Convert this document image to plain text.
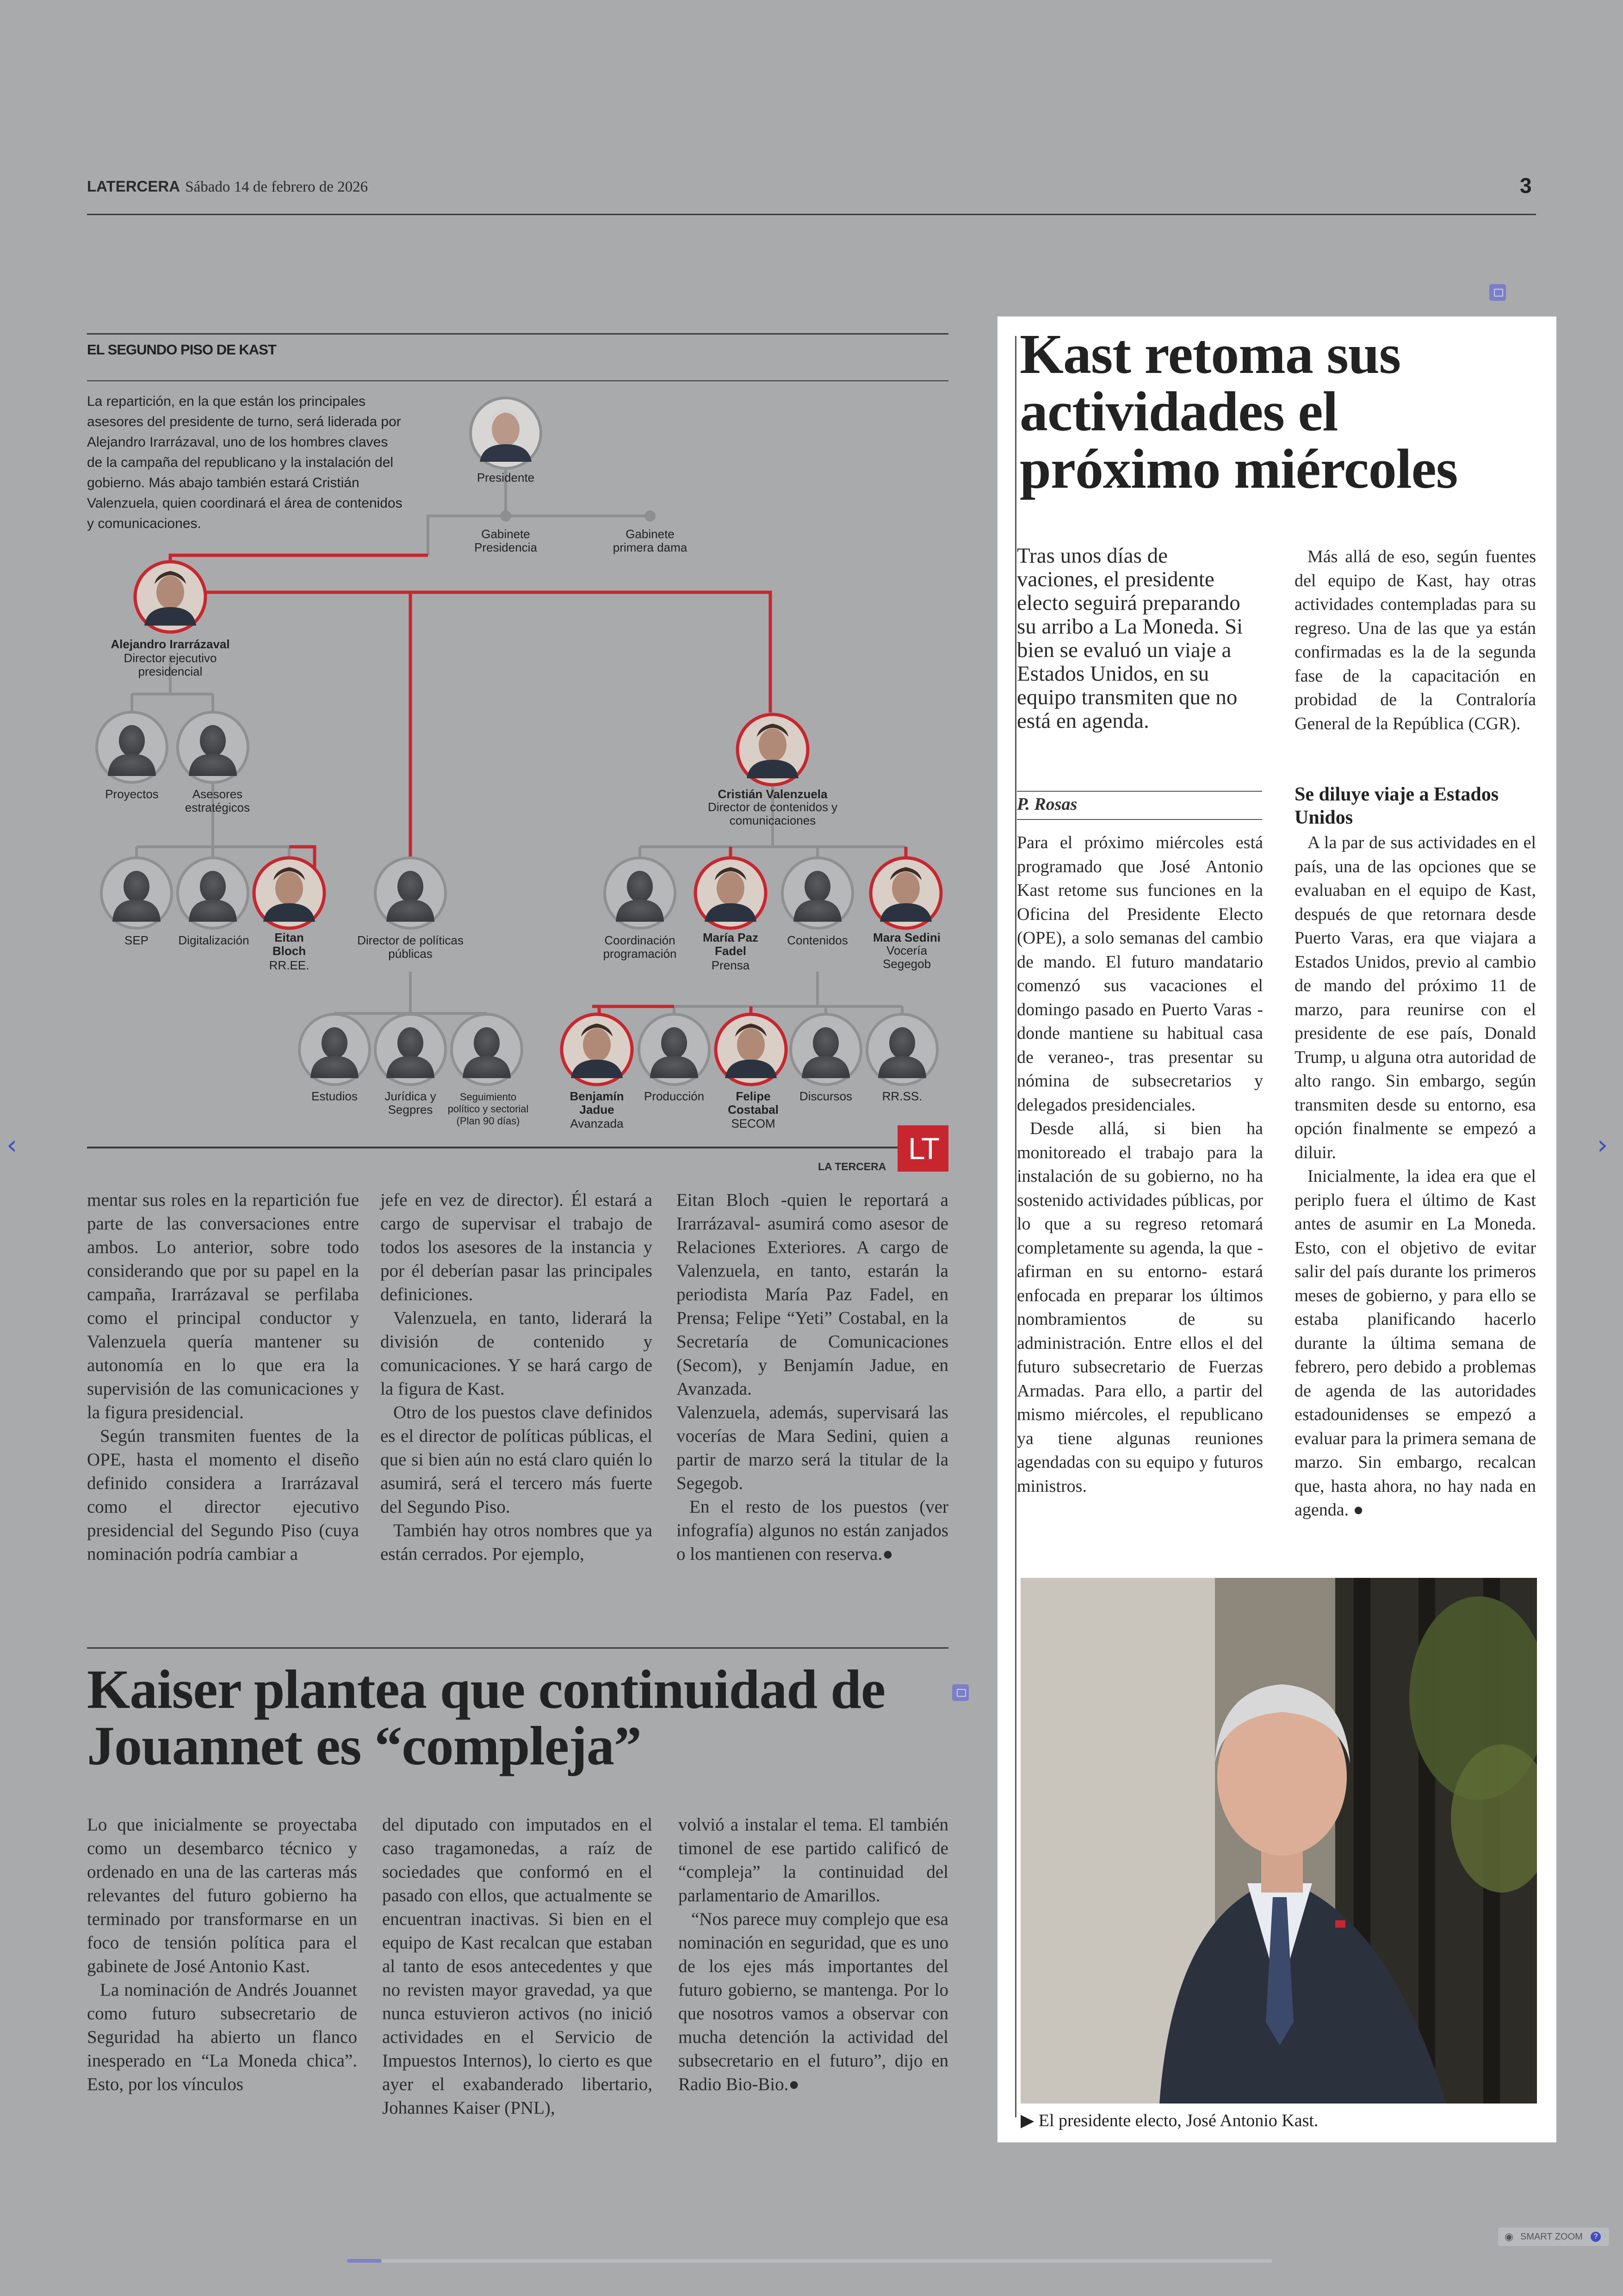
LATERCERA Sábado 14 de febrero de 2026	3
EL SEGUNDO PISO DE KAST
La repartición, en la que están los principales asesores del presidente de turno, será liderada por Alejandro Irarrázaval, uno de los hombres claves de la campaña del republicano y la instalación del gobierno. Más abajo también estará Cristián Valenzuela, quien coordinará el área de contenidos y comunicaciones.
Presidente
Gabinete Presidencia
Gabinete primera dama
Alejandro Irarrázaval
Director ejecutivo presidencial
Proyectos	Asesores estratégicos
SEP Digitalización	Eitan Bloch
RR.EE.
Director de políticas públicas
Estudios	Jurídica y Segpres
Seguimiento político y sectorial (Plan 90 días)
Cristián Valenzuela
Director de contenidos y comunicaciones
Coordinación programación
María Paz Fadel
Prensa
Contenidos Mara Sedini
Vocería Segegob
Benjamín Jadue
Avanzada
Producción	Felipe Costabal
SECOM
Discursos RR.SS.
LA TERCERA
LT

mentar sus roles en la repartición fue parte de las conversaciones entre ambos. Lo anterior, sobre todo considerando que por su papel en la campaña, Irarrázaval se perfilaba como el principal conductor y Valenzuela quería mantener su autonomía en lo que era la supervisión de las comunicaciones y la figura presidencial.

Según transmiten fuentes de la OPE, hasta el momento el diseño definido considera a Irarrázaval como el director ejecutivo presidencial del Segundo Piso (cuya nominación podría cambiar a

jefe en vez de director). Él estará a cargo de supervisar el trabajo de todos los asesores de la instancia y por él deberían pasar las principales definiciones.

Valenzuela, en tanto, liderará la división de contenido y comunicaciones. Y se hará cargo de la figura de Kast.

Otro de los puestos clave definidos es el director de políticas públicas, el que si bien aún no está claro quién lo asumirá, será el tercero más fuerte del Segundo Piso.

También hay otros nombres que ya están cerrados. Por ejemplo,

Eitan Bloch -quien le reportará a Irarrázaval- asumirá como asesor de Relaciones Exteriores. A cargo de Valenzuela, en tanto, estarán la periodista María Paz Fadel, en Prensa; Felipe “Yeti” Costabal, en la Secretaría de Comunicaciones (Secom), y Benjamín Jadue, en Avanzada.

Valenzuela, además, supervisará las vocerías de Mara Sedini, quien a partir de marzo será la titular de la Segegob.

En el resto de los puestos (ver infografía) algunos no están zanjados o los mantienen con reserva.●

Kaiser plantea que continuidad de Jouannet es “compleja”

Lo que inicialmente se proyectaba como un desembarco técnico y ordenado en una de las carteras más relevantes del futuro gobierno ha terminado por transformarse en un foco de tensión política para el gabinete de José Antonio Kast.

La nominación de Andrés Jouannet como futuro subsecretario de Seguridad ha abierto un flanco inesperado en “La Moneda chica”. Esto, por los vínculos

del diputado con imputados en el caso tragamonedas, a raíz de sociedades que conformó en el pasado con ellos, que actualmente se encuentran inactivas. Si bien en el equipo de Kast recalcan que estaban al tanto de esos antecedentes y que no revisten mayor gravedad, ya que nunca estuvieron activos (no inició actividades en el Servicio de Impuestos Internos), lo cierto es que ayer el exabanderado libertario, Johannes Kaiser (PNL),

volvió a instalar el tema. El también timonel de ese partido calificó de “compleja” la continuidad del parlamentario de Amarillos.

“Nos parece muy complejo que esa nominación en seguridad, que es uno de los ejes más importantes del futuro gobierno, se mantenga. Por lo que nosotros vamos a observar con mucha detención la actividad del subsecretario en el futuro”, dijo en Radio Bio-Bio.●

Kast retoma sus actividades el próximo miércoles
Tras unos días de vaciones, el presidente electo seguirá preparando su arribo a La Moneda. Si bien se evaluó un viaje a Estados Unidos, en su equipo transmiten que no está en agenda.
P. Rosas

Para el próximo miércoles está programado que José Antonio Kast retome sus funciones en la Oficina del Presidente Electo (OPE), a solo semanas del cambio de mando. El futuro mandatario comenzó sus vacaciones el domingo pasado en Puerto Varas -donde mantiene su habitual casa de veraneo-, tras presentar su nómina de subsecretarios y delegados presidenciales.

Desde allá, si bien ha monitoreado el trabajo para la instalación de su gobierno, no ha sostenido actividades públicas, por lo que a su regreso retomará completamente su agenda, la que -afirman en su entorno- estará enfocada en preparar los últimos nombramientos de su administración. Entre ellos el del futuro subsecretario de Fuerzas Armadas. Para ello, a partir del mismo miércoles, el republicano ya tiene algunas reuniones agendadas con su equipo y futuros ministros.

Más allá de eso, según fuentes del equipo de Kast, hay otras actividades contempladas para su regreso. Una de las que ya están confirmadas es la de la segunda fase de la capacitación en probidad de la Contraloría General de la República (CGR).

Se diluye viaje a Estados Unidos

A la par de sus actividades en el país, una de las opciones que se evaluaban en el equipo de Kast, después de que retornara desde Puerto Varas, era que viajara a Estados Unidos, previo al cambio de mando del próximo 11 de marzo, para reunirse con el presidente de ese país, Donald Trump, u alguna otra autoridad de alto rango. Sin embargo, según transmiten desde su entorno, esa opción finalmente se empezó a diluir.

Inicialmente, la idea era que el periplo fuera el último de Kast antes de asumir en La Moneda. Esto, con el objetivo de evitar salir del país durante los primeros meses de gobierno, y para ello se estaba planificando hacerlo durante la última semana de febrero, pero debido a problemas de agenda de las autoridades estadounidenses se empezó a evaluar para la primera semana de marzo. Sin embargo, recalcan que, hasta ahora, no hay nada en agenda. ●

▶ El presidente electo, José Antonio Kast.
‹	›
◉ SMART ZOOM	?
